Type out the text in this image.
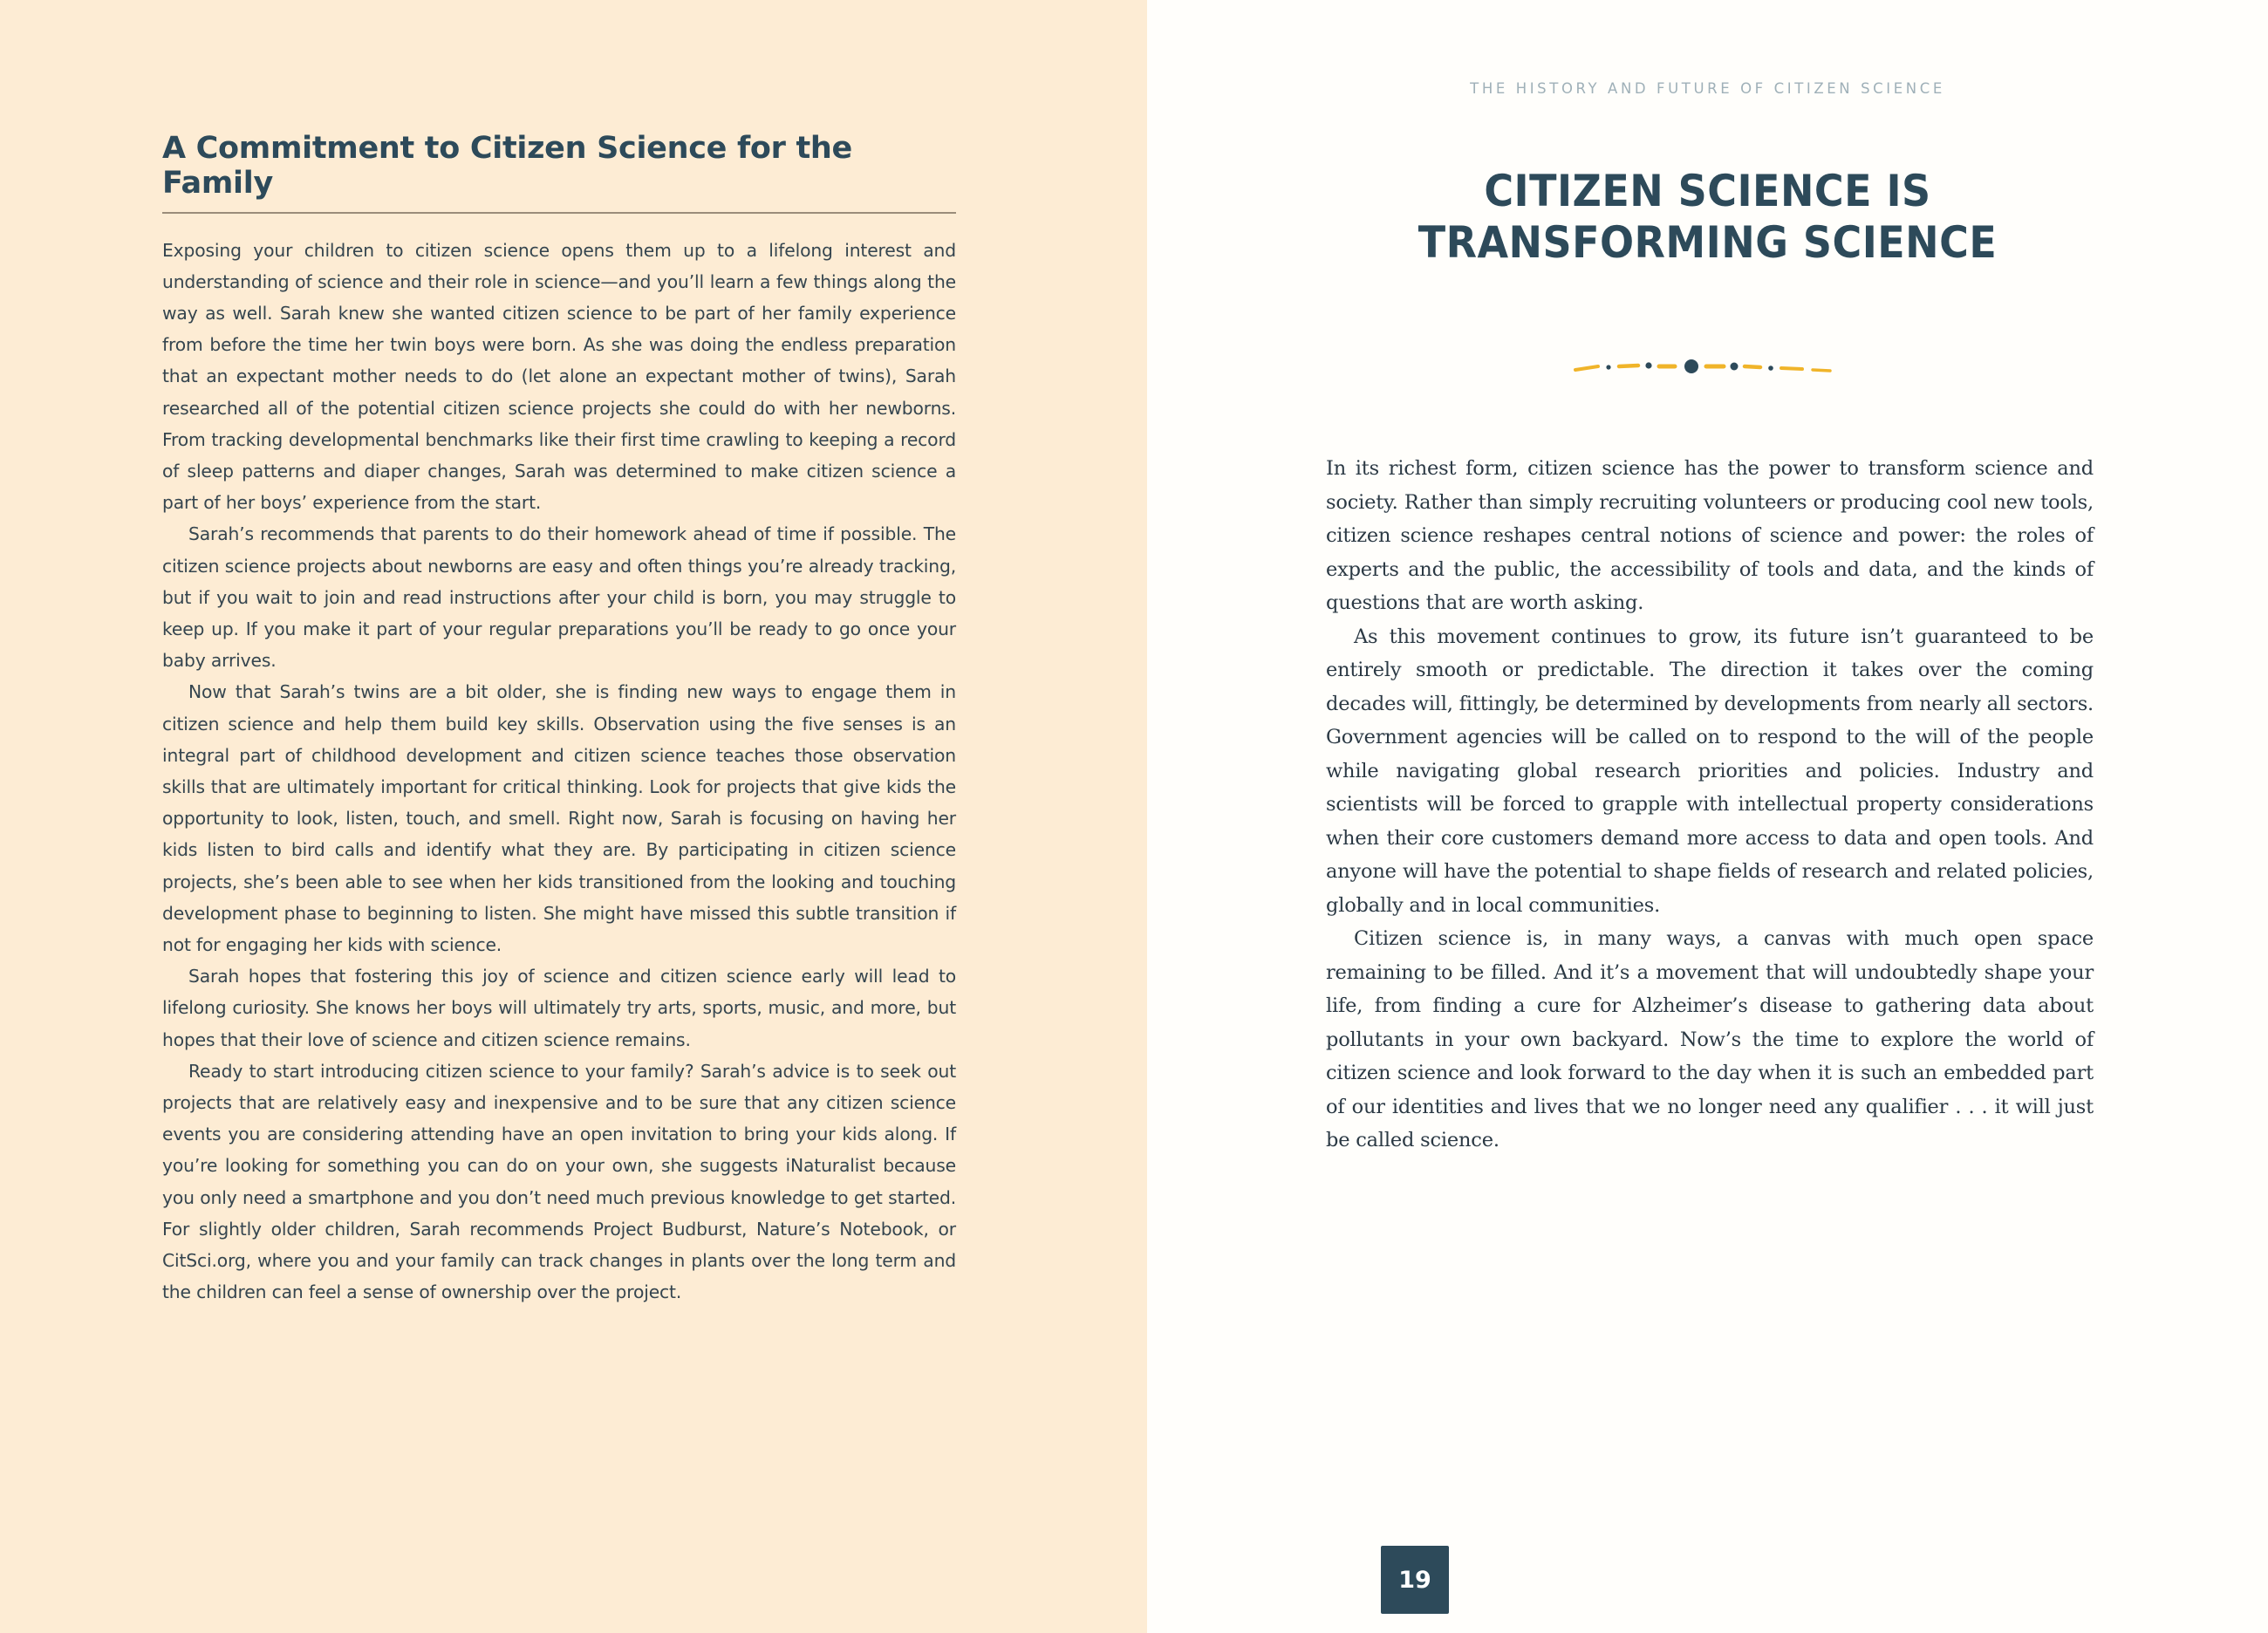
A Commitment to Citizen Science for the Family

Exposing your children to citizen science opens them up to a lifelong interest and understanding of science and their role in science—and you’ll learn a few things along the way as well. Sarah knew she wanted citizen science to be part of her family experience from before the time her twin boys were born. As she was doing the endless preparation that an expectant mother needs to do (let alone an expectant mother of twins), Sarah researched all of the potential citizen science projects she could do with her newborns. From tracking developmental benchmarks like their first time crawling to keeping a record of sleep patterns and diaper changes, Sarah was determined to make citizen science a part of her boys’ experience from the start.

Sarah’s recommends that parents to do their homework ahead of time if possible. The citizen science projects about newborns are easy and often things you’re already tracking, but if you wait to join and read instructions after your child is born, you may struggle to keep up. If you make it part of your regular preparations you’ll be ready to go once your baby arrives.

Now that Sarah’s twins are a bit older, she is finding new ways to engage them in citizen science and help them build key skills. Observation using the five senses is an integral part of childhood development and citizen science teaches those observation skills that are ultimately important for critical thinking. Look for projects that give kids the opportunity to look, listen, touch, and smell. Right now, Sarah is focusing on having her kids listen to bird calls and identify what they are. By participating in citizen science projects, she’s been able to see when her kids transitioned from the looking and touching development phase to beginning to listen. She might have missed this subtle transition if not for engaging her kids with science.

Sarah hopes that fostering this joy of science and citizen science early will lead to lifelong curiosity. She knows her boys will ultimately try arts, sports, music, and more, but hopes that their love of science and citizen science remains.

Ready to start introducing citizen science to your family? Sarah’s advice is to seek out projects that are relatively easy and inexpensive and to be sure that any citizen science events you are considering attending have an open invitation to bring your kids along. If you’re looking for something you can do on your own, she suggests iNaturalist because you only need a smartphone and you don’t need much previous knowledge to get started. For slightly older children, Sarah recommends Project Budburst, Nature’s Notebook, or CitSci.org, where you and your family can track changes in plants over the long term and the children can feel a sense of ownership over the project.

THE HISTORY AND FUTURE OF CITIZEN SCIENCE
CITIZEN SCIENCE IS
TRANSFORMING SCIENCE

In its richest form, citizen science has the power to transform science and society. Rather than simply recruiting volunteers or producing cool new tools, citizen science reshapes central notions of science and power: the roles of experts and the public, the accessibility of tools and data, and the kinds of questions that are worth asking.

As this movement continues to grow, its future isn’t guaranteed to be entirely smooth or predictable. The direction it takes over the coming decades will, fittingly, be determined by developments from nearly all sectors. Government agencies will be called on to respond to the will of the people while navigating global research priorities and policies. Industry and scientists will be forced to grapple with intellectual property considerations when their core customers demand more access to data and open tools. And anyone will have the potential to shape fields of research and related policies, globally and in local communities.

Citizen science is, in many ways, a canvas with much open space remaining to be filled. And it’s a movement that will undoubtedly shape your life, from finding a cure for Alzheimer’s disease to gathering data about pollutants in your own backyard. Now’s the time to explore the world of citizen science and look forward to the day when it is such an embedded part of our identities and lives that we no longer need any qualifier . . . it will just be called science.

19
